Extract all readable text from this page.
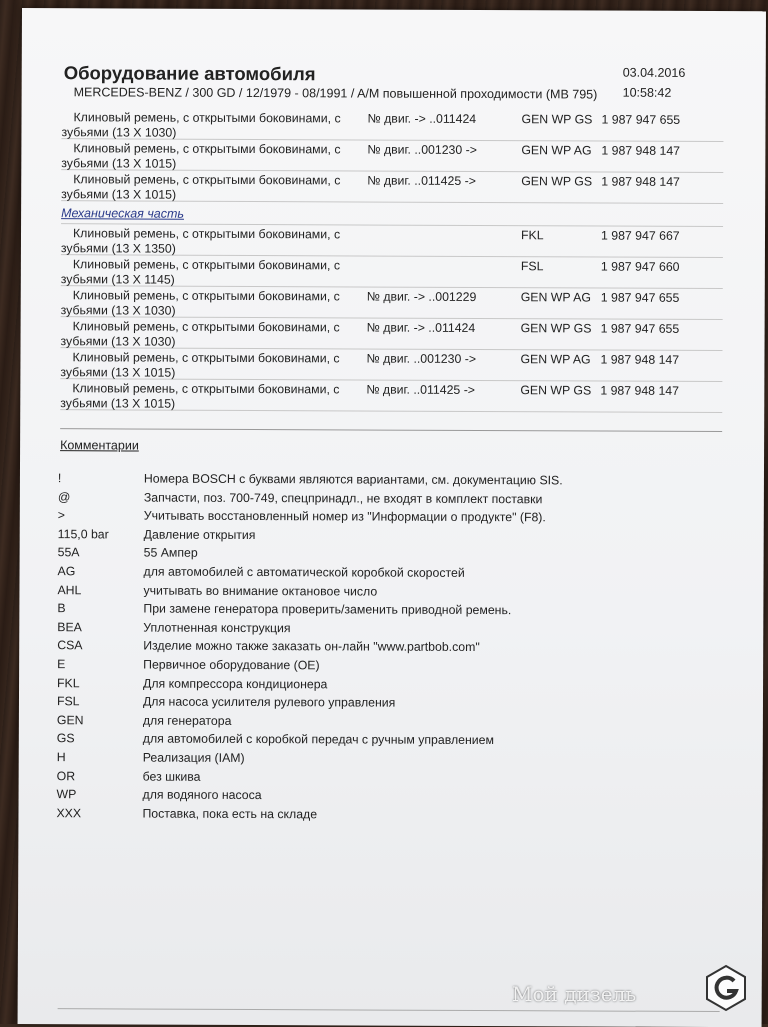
Оборудование автомобиля
MERCEDES-BENZ / 300 GD / 12/1979 - 08/1991 / A/M повышенной проходимости (MB 795)
03.04.2016
10:58:42
Клиновый ремень, с открытыми боковинами, с
зубьями (13 X 1030)
№ двиг. -> ..011424	GEN WP GS 1 987 947 655
Клиновый ремень, с открытыми боковинами, с
зубьями (13 X 1015)
№ двиг. ..001230 ->	GEN WP AG 1 987 948 147
Клиновый ремень, с открытыми боковинами, с
зубьями (13 X 1015)
№ двиг. ..011425 ->	GEN WP GS 1 987 948 147
Механическая часть
Клиновый ремень, с открытыми боковинами, с
зубьями (13 X 1350)
FKL	1 987 947 667
Клиновый ремень, с открытыми боковинами, с
зубьями (13 X 1145)
FSL	1 987 947 660
Клиновый ремень, с открытыми боковинами, с
зубьями (13 X 1030)
№ двиг. -> ..001229	GEN WP AG 1 987 947 655
Клиновый ремень, с открытыми боковинами, с
зубьями (13 X 1030)
№ двиг. -> ..011424	GEN WP GS 1 987 947 655
Клиновый ремень, с открытыми боковинами, с
зубьями (13 X 1015)
№ двиг. ..001230 ->	GEN WP AG 1 987 948 147
Клиновый ремень, с открытыми боковинами, с
зубьями (13 X 1015)
№ двиг. ..011425 ->	GEN WP GS 1 987 948 147
Комментарии
!	Номера BOSCH с буквами являются вариантами, см. документацию SIS.
@	Запчасти, поз. 700-749, спецпринадл., не входят в комплект поставки
>	Учитывать восстановленный номер из "Информации о продукте" (F8).
115,0 bar	Давление открытия
55A	55 Ампер
AG	для автомобилей с автоматической коробкой скоростей
AHL	учитывать во внимание октановое число
B	При замене генератора проверить/заменить приводной ремень.
BEA	Уплотненная конструкция
CSA	Изделие можно также заказать он-лайн "www.partbob.com"
E	Первичное оборудование (OE)
FKL	Для компрессора кондиционера
FSL	Для насоса усилителя рулевого управления
GEN	для генератора
GS	для автомобилей с коробкой передач с ручным управлением
H	Реализация (IAM)
OR	без шкива
WP	для водяного насоса
XXX	Поставка, пока есть на складе
Мой дизель
